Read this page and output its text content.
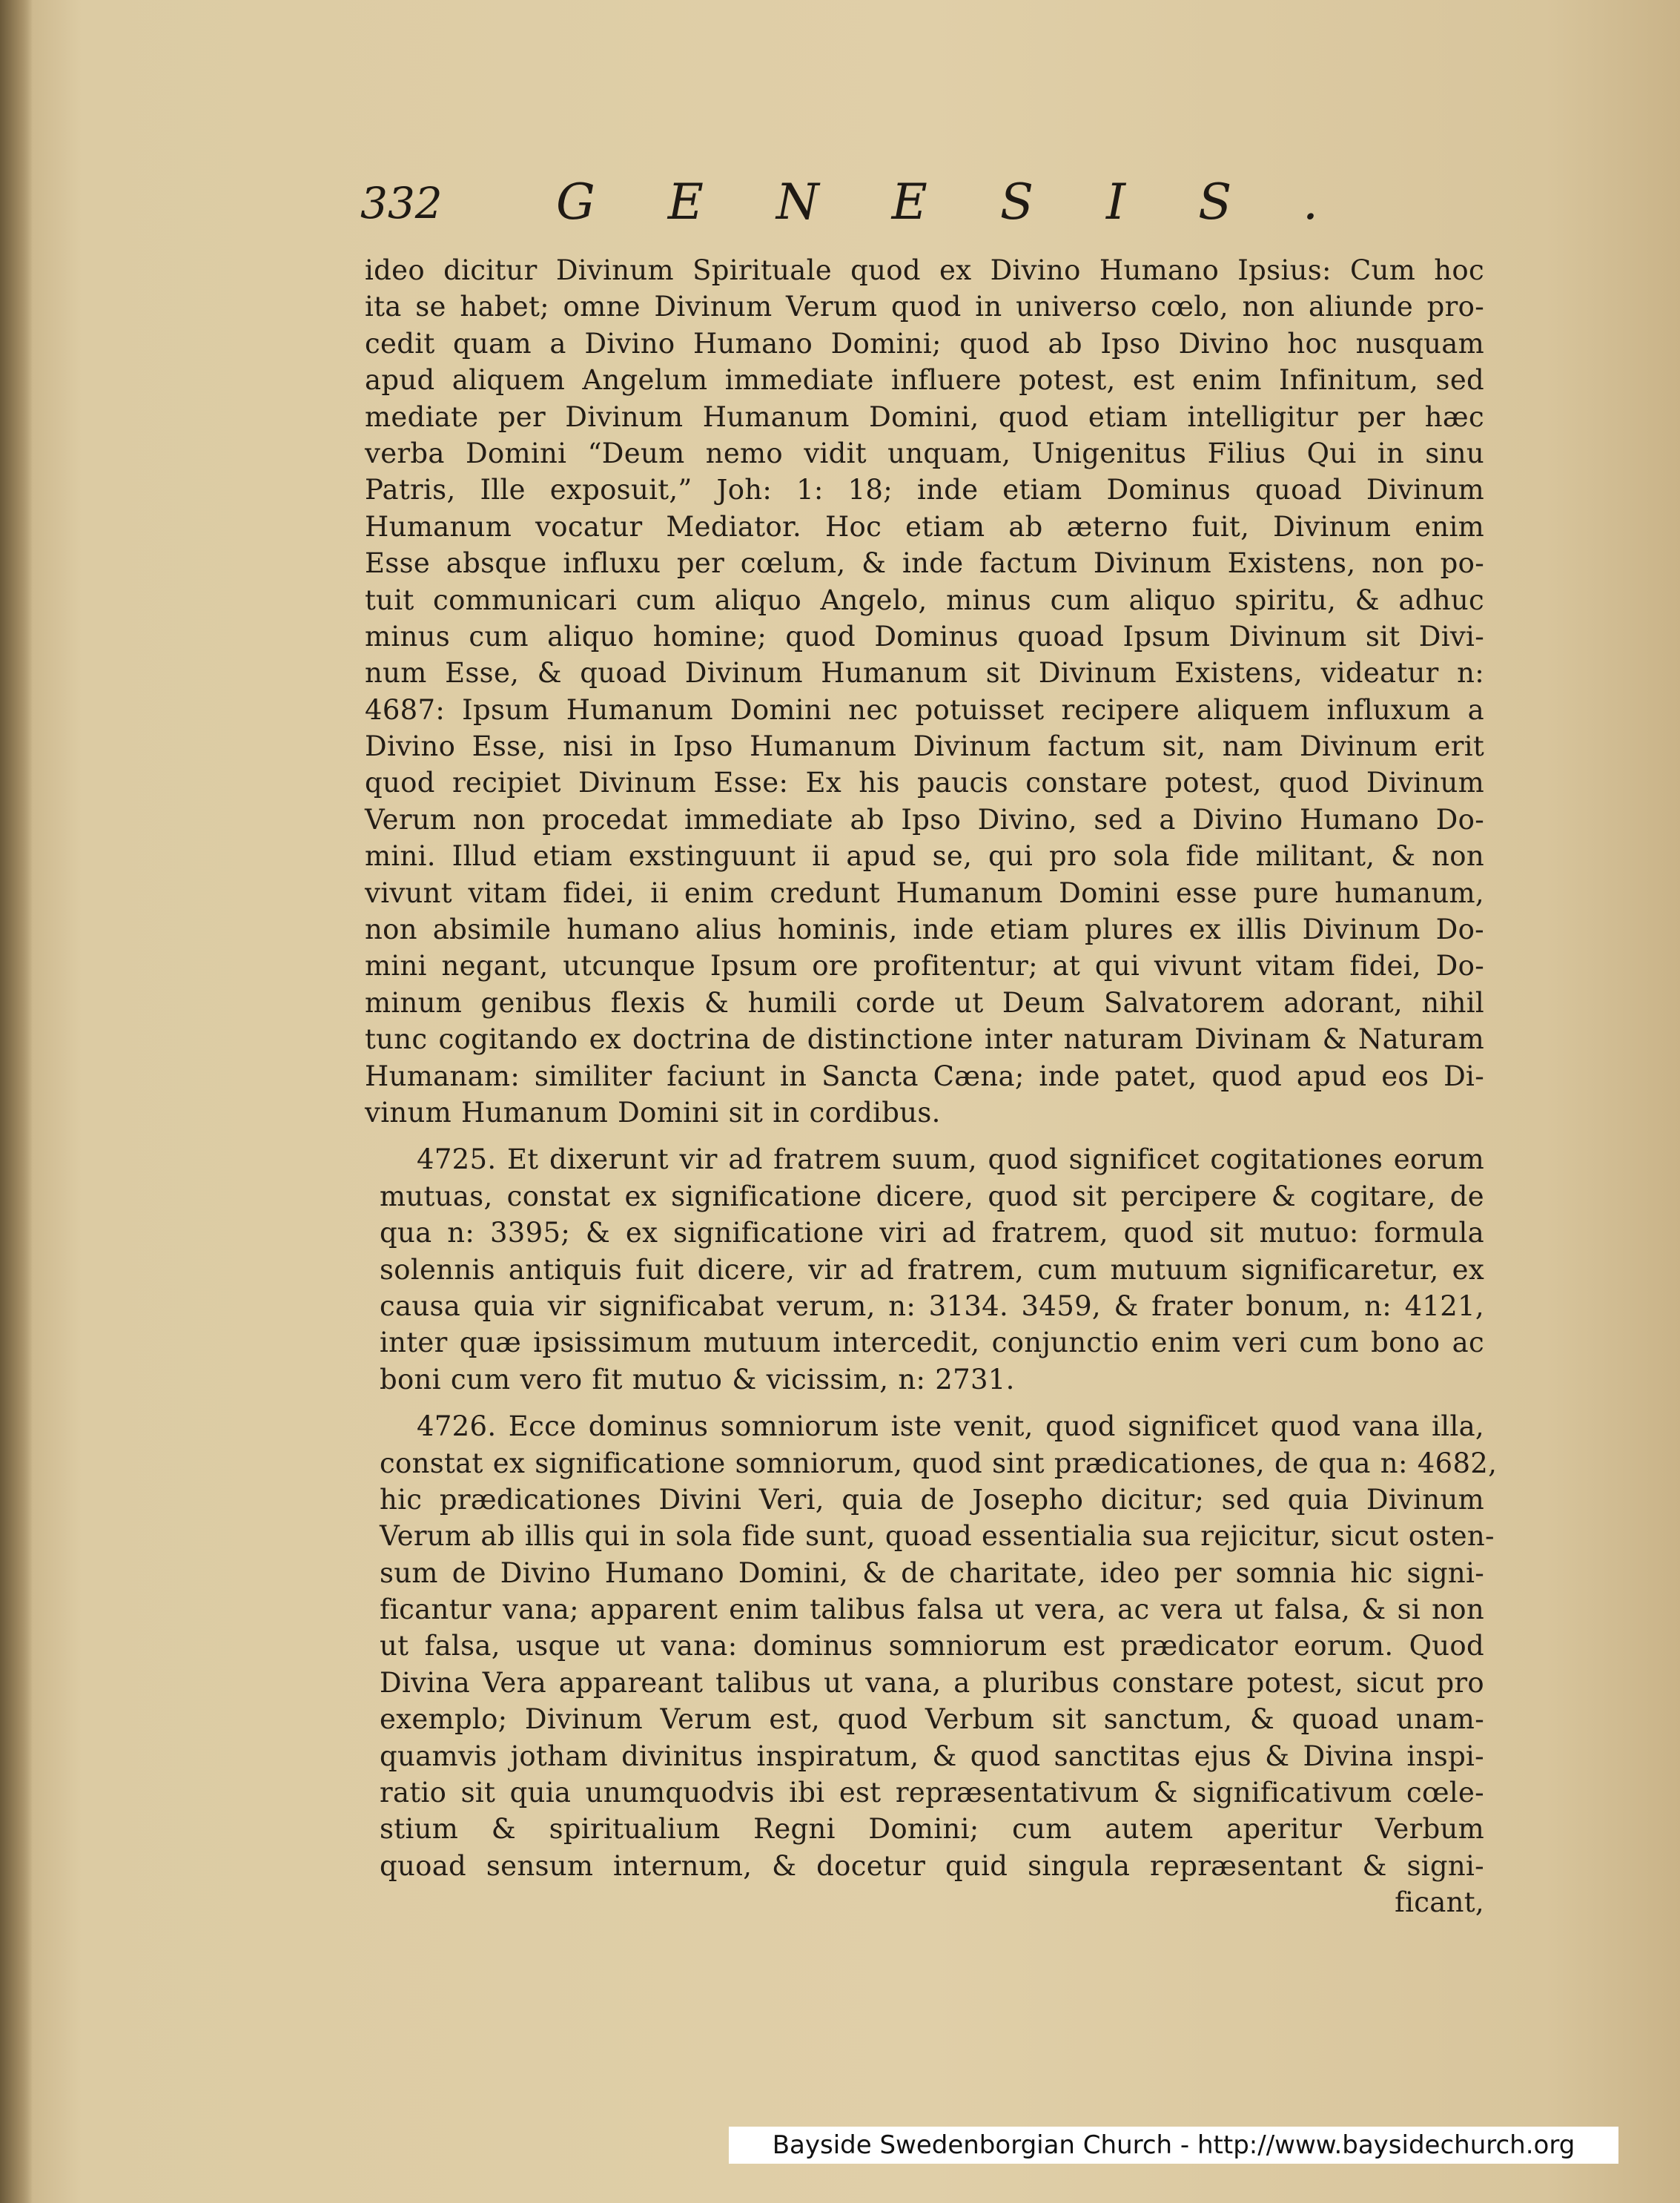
332 GENESIS.
ideo dicitur Divinum Spirituale quod ex Divino Humano Ipsius: Cum hoc
ita se habet; omne Divinum Verum quod in universo cœlo, non aliunde pro-
cedit quam a Divino Humano Domini; quod ab Ipso Divino hoc nusquam
apud aliquem Angelum immediate influere potest, est enim Infinitum, sed
mediate per Divinum Humanum Domini, quod etiam intelligitur per hæc
verba Domini “Deum nemo vidit unquam, Unigenitus Filius Qui in sinu
Patris, Ille exposuit,” Joh: 1: 18; inde etiam Dominus quoad Divinum
Humanum vocatur Mediator. Hoc etiam ab æterno fuit, Divinum enim
Esse absque influxu per cœlum, & inde factum Divinum Existens, non po-
tuit communicari cum aliquo Angelo, minus cum aliquo spiritu, & adhuc
minus cum aliquo homine; quod Dominus quoad Ipsum Divinum sit Divi-
num Esse, & quoad Divinum Humanum sit Divinum Existens, videatur n:
4687: Ipsum Humanum Domini nec potuisset recipere aliquem influxum a
Divino Esse, nisi in Ipso Humanum Divinum factum sit, nam Divinum erit
quod recipiet Divinum Esse: Ex his paucis constare potest, quod Divinum
Verum non procedat immediate ab Ipso Divino, sed a Divino Humano Do-
mini. Illud etiam exstinguunt ii apud se, qui pro sola fide militant, & non
vivunt vitam fidei, ii enim credunt Humanum Domini esse pure humanum,
non absimile humano alius hominis, inde etiam plures ex illis Divinum Do-
mini negant, utcunque Ipsum ore profitentur; at qui vivunt vitam fidei, Do-
minum genibus flexis & humili corde ut Deum Salvatorem adorant, nihil
tunc cogitando ex doctrina de distinctione inter naturam Divinam & Naturam
Humanam: similiter faciunt in Sancta Cæna; inde patet, quod apud eos Di-
vinum Humanum Domini sit in cordibus.
4725. Et dixerunt vir ad fratrem suum, quod significet cogitationes eorum
mutuas, constat ex significatione dicere, quod sit percipere & cogitare, de
qua n: 3395; & ex significatione viri ad fratrem, quod sit mutuo: formula
solennis antiquis fuit dicere, vir ad fratrem, cum mutuum significaretur, ex
causa quia vir significabat verum, n: 3134. 3459, & frater bonum, n: 4121,
inter quæ ipsissimum mutuum intercedit, conjunctio enim veri cum bono ac
boni cum vero fit mutuo & vicissim, n: 2731.
4726. Ecce dominus somniorum iste venit, quod significet quod vana illa,
constat ex significatione somniorum, quod sint prædicationes, de qua n: 4682,
hic prædicationes Divini Veri, quia de Josepho dicitur; sed quia Divinum
Verum ab illis qui in sola fide sunt, quoad essentialia sua rejicitur, sicut osten-
sum de Divino Humano Domini, & de charitate, ideo per somnia hic signi-
ficantur vana; apparent enim talibus falsa ut vera, ac vera ut falsa, & si non
ut falsa, usque ut vana: dominus somniorum est prædicator eorum. Quod
Divina Vera appareant talibus ut vana, a pluribus constare potest, sicut pro
exemplo; Divinum Verum est, quod Verbum sit sanctum, & quoad unam-
quamvis jotham divinitus inspiratum, & quod sanctitas ejus & Divina inspi-
ratio sit quia unumquodvis ibi est repræsentativum & significativum cœle-
stium & spiritualium Regni Domini; cum autem aperitur Verbum
quoad sensum internum, & docetur quid singula repræsentant & signi-
ficant,
Bayside Swedenborgian Church - http://www.baysidechurch.org
